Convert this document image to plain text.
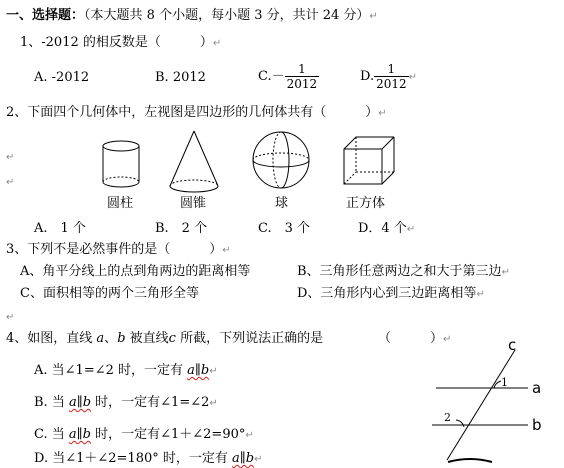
一、选择题：（本大题共 8 个小题，每小题 3 分，共计 24 分）↵
1、-2012 的相反数是（　　　）↵
A. -2012	B. 2012	$C.- \frac{1}{2012}$	D. $\frac{1}{2012}$ ↵
2、下面四个几何体中，左视图是四边形的几何体共有（　　　）↵
↵
↵
圆柱	圆锥	球	正方体
A.　1 个	B.　2 个	C.　3 个	D．4 个↵
3、下列不是必然事件的是（　　　）↵
A、角平分线上的点到角两边的距离相等	B、三角形任意两边之和大于第三边↵
C、面积相等的两个三角形全等	D、三角形内心到三边距离相等↵
↵
4、如图，直线 a、b 被直线c 所截，下列说法正确的是	（　　　）↵
A. 当∠1=∠2 时，一定有 a∥b↵
B. 当 a∥b 时，一定有∠1=∠2↵
C. 当 a∥b 时，一定有∠1＋∠2=90°↵
D. 当∠1＋∠2=180° 时，一定有 a∥b↵
c
a
b
1
2
